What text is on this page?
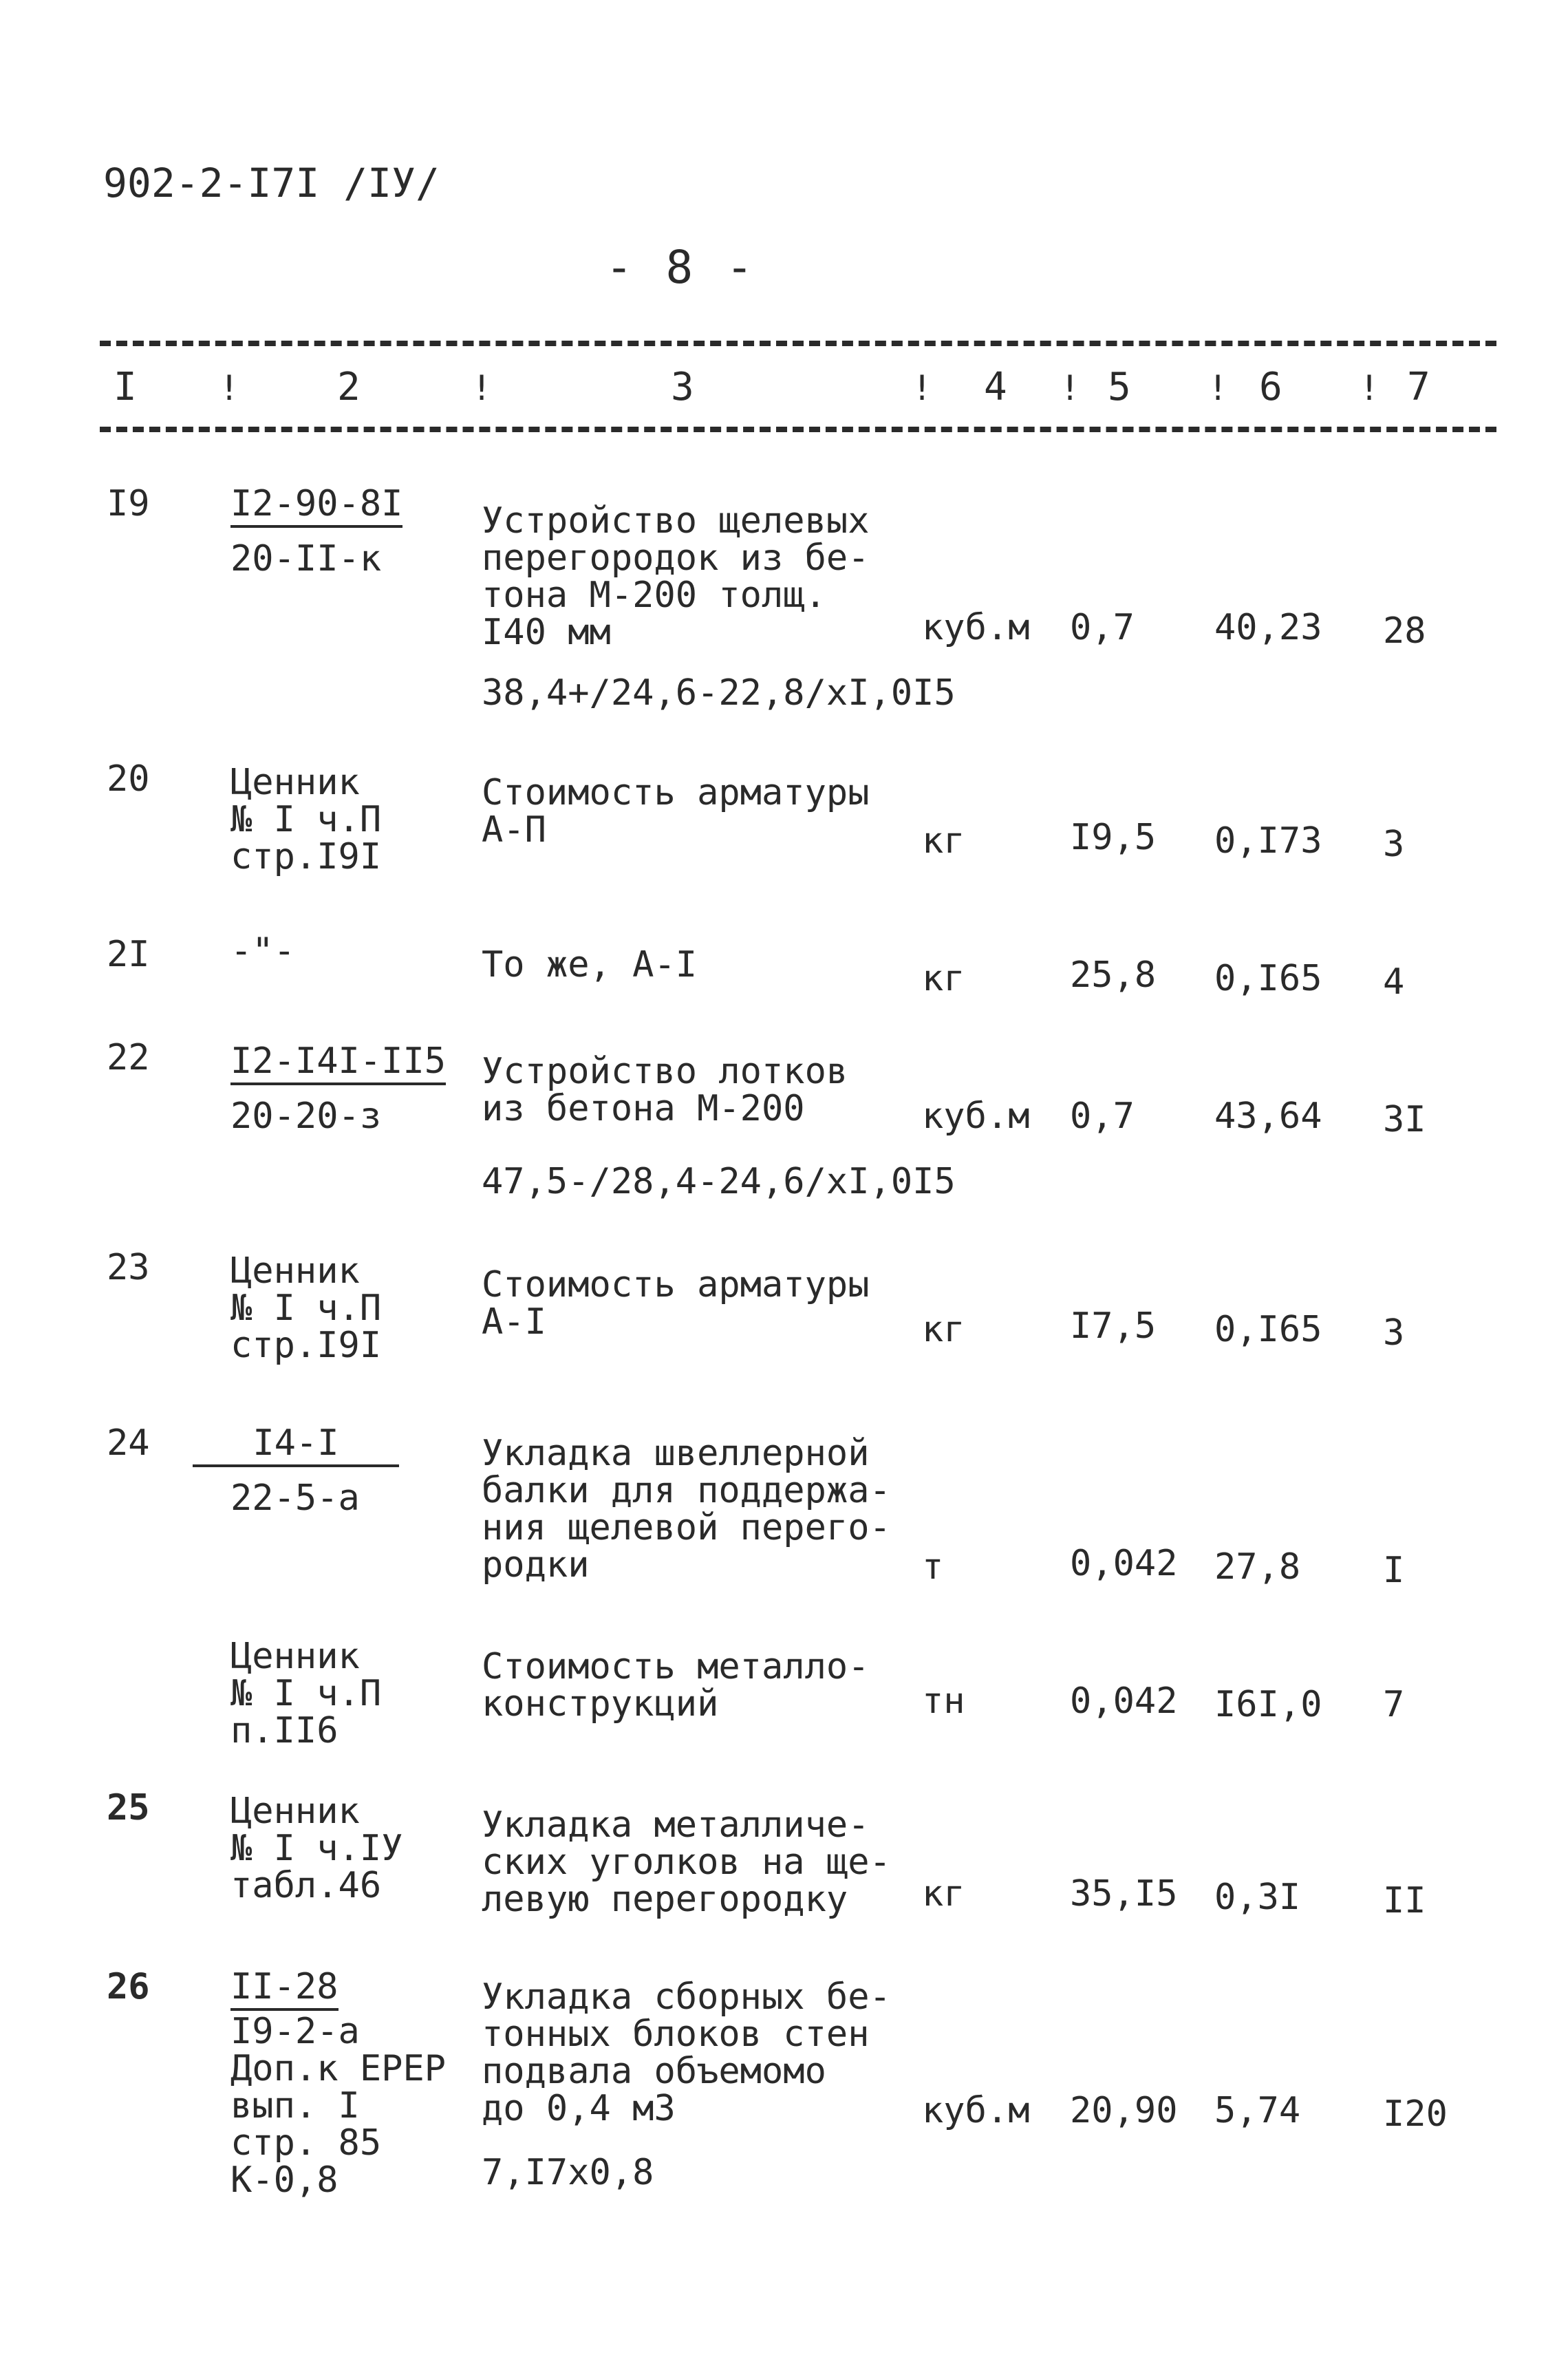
902-2-I7I /IУ/
- 8 -
I !	2	!	3	! 4 ! 5 ! 6 ! 7
I9 I2-90-8I
20-II-к
Устройство щелевых
перегородок из бе-
тона М-200 толщ.
I40 мм	куб.м 0,7 40,23 28
38,4+/24,6-22,8/хI,0I5
20 Ценник
№ I ч.П
стр.I9I
Стоимость арматуры
А-П	кг	I9,5 0,I73 3
2I -"-	То же, А-I	кг	25,8 0,I65 4
22 I2-I4I-II5
20-20-з
Устройство лотков
из бетона М-200	куб.м 0,7 43,64 3I
47,5-/28,4-24,6/хI,0I5
23 Ценник
№ I ч.П
стр.I9I
Стоимость арматуры
А-I	кг	I7,5 0,I65 3
24	I4-I
22-5-а
Укладка швеллерной
балки для поддержа-
ния щелевой перего-
родки	т	0,042 27,8 I
Ценник
№ I ч.П
п.II6
Стоимость металло-
конструкций	тн	0,042 I6I,0 7
25 Ценник
№ I ч.IУ
табл.46
Укладка металличе-
ских уголков на ще-
левую перегородку	кг	35,I5 0,3I II
26 II-28
I9-2-а
Доп.к ЕРЕР
вып. I
стр. 85
К-0,8
Укладка сборных бе-
тонных блоков стен
подвала объемомо
до 0,4 м3	куб.м 20,90 5,74 I20
7,I7х0,8
